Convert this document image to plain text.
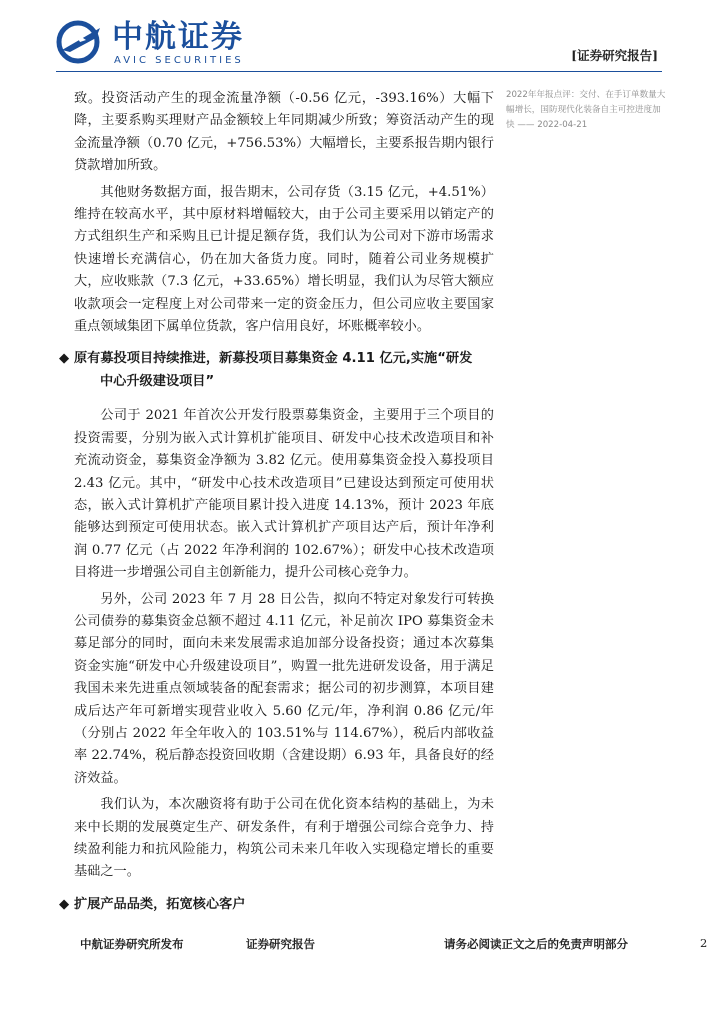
中航证券
AVIC SECURITIES	[证券研究报告]

致。投资活动产生的现金流量净额（-0.56 亿元，-393.16%）大幅下降，主要系购买理财产品金额较上年同期减少所致；筹资活动产生的现金流量净额（0.70 亿元，+756.53%）大幅增长，主要系报告期内银行贷款增加所致。

其他财务数据方面，报告期末，公司存货（3.15 亿元，+4.51%）维持在较高水平，其中原材料增幅较大，由于公司主要采用以销定产的方式组织生产和采购且已计提足额存货，我们认为公司对下游市场需求快速增长充满信心，仍在加大备货力度。同时，随着公司业务规模扩大，应收账款（7.3 亿元，+33.65%）增长明显，我们认为尽管大额应收款项会一定程度上对公司带来一定的资金压力，但公司应收主要国家重点领域集团下属单位货款，客户信用良好，坏账概率较小。

◆ 原有募投项目持续推进，新募投项目募集资金 4.11 亿元,实施“研发
中心升级建设项目”

公司于 2021 年首次公开发行股票募集资金，主要用于三个项目的投资需要，分别为嵌入式计算机扩能项目、研发中心技术改造项目和补充流动资金，募集资金净额为 3.82 亿元。使用募集资金投入募投项目 2.43 亿元。其中，“研发中心技术改造项目”已建设达到预定可使用状态，嵌入式计算机扩产能项目累计投入进度 14.13%，预计 2023 年底能够达到预定可使用状态。嵌入式计算机扩产项目达产后，预计年净利润 0.77 亿元（占 2022 年净利润的 102.67%）；研发中心技术改造项目将进一步增强公司自主创新能力，提升公司核心竞争力。

另外，公司 2023 年 7 月 28 日公告，拟向不特定对象发行可转换公司债券的募集资金总额不超过 4.11 亿元，补足前次 IPO 募集资金未募足部分的同时，面向未来发展需求追加部分设备投资；通过本次募集资金实施“研发中心升级建设项目”，购置一批先进研发设备，用于满足我国未来先进重点领域装备的配套需求；据公司的初步测算，本项目建成后达产年可新增实现营业收入 5.60 亿元/年，净利润 0.86 亿元/年（分别占 2022 年全年收入的 103.51%与 114.67%），税后内部收益率 22.74%，税后静态投资回收期（含建设期）6.93 年，具备良好的经济效益。

我们认为，本次融资将有助于公司在优化资本结构的基础上，为未来中长期的发展奠定生产、研发条件，有利于增强公司综合竞争力、持续盈利能力和抗风险能力，构筑公司未来几年收入实现稳定增长的重要基础之一。

◆ 扩展产品品类，拓宽核心客户
2022年年报点评：交付、在手订单数量大幅增长，国防现代化装备自主可控进度加快 —— 2022-04-21
中航证券研究所发布	证券研究报告	请务必阅读正文之后的免责声明部分	2
